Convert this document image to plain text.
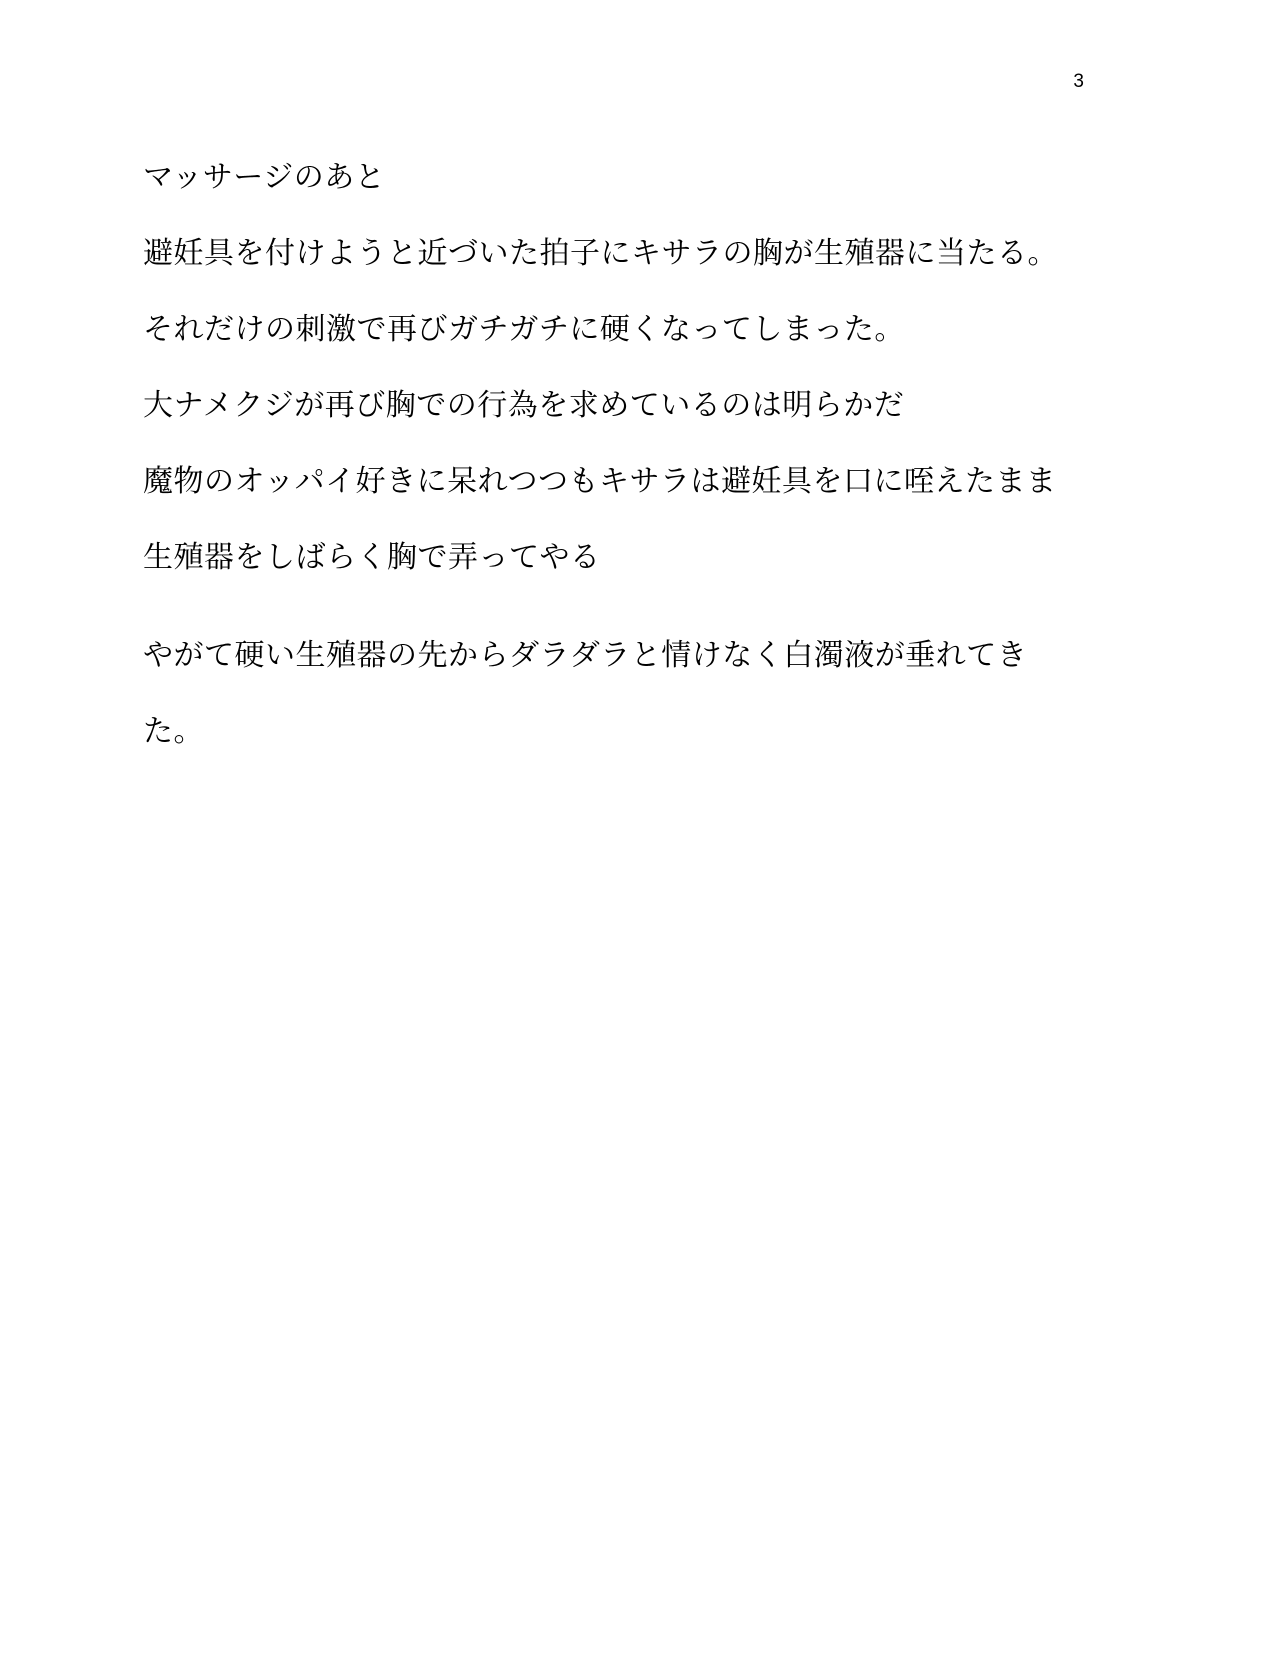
3

マッサージのあと

避妊具を付けようと近づいた拍子にキサラの胸が生殖器に当たる。それだけの刺激で再びガチガチに硬くなってしまった。

大ナメクジが再び胸での行為を求めているのは明らかだ

魔物のオッパイ好きに呆れつつもキサラは避妊具を口に咥えたまま生殖器をしばらく胸で弄ってやる

やがて硬い生殖器の先からダラダラと情けなく白濁液が垂れてきた。
